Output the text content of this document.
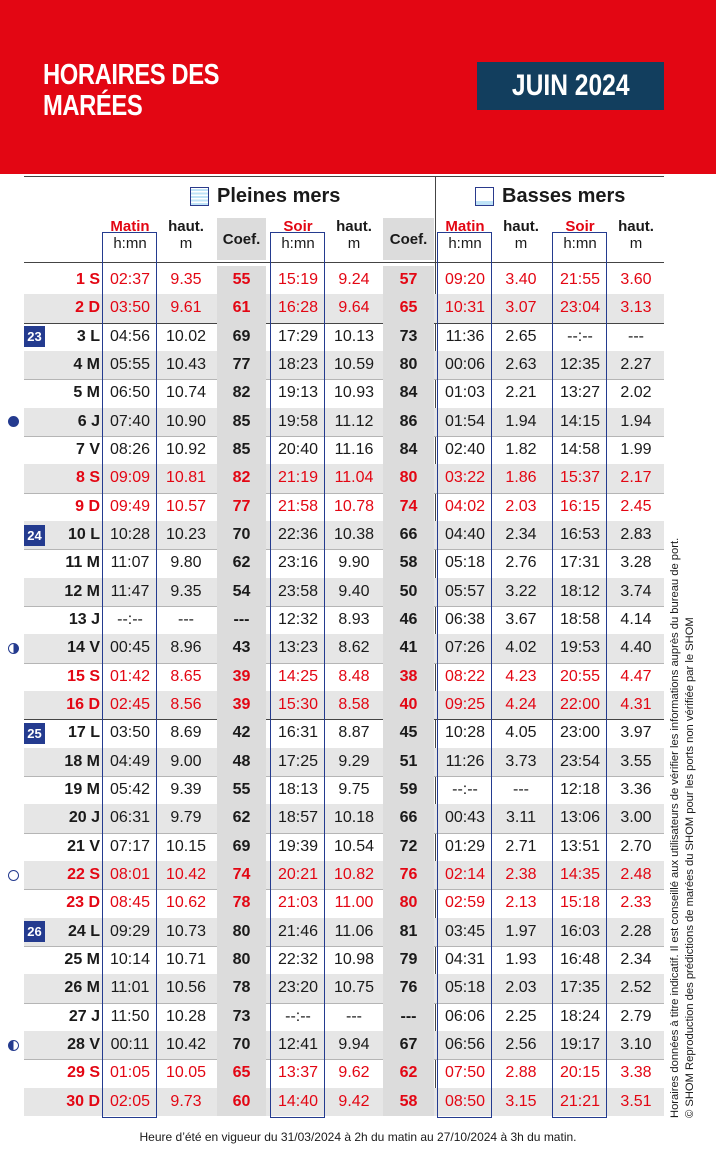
HORAIRES DES
MARÉES
JUIN 2024
Pleines mers	Basses mers
Matin
h:mn
haut.
m	Coef.
Soir
h:mn
haut.
m	Coef.
Matin
h:mn
haut.
m
Soir
h:mn
haut.
m
1 S 02:37	9.35	55	15:19	9.24	57	09:20	3.40	21:55	3.60
2 D 03:50	9.61	61	16:28	9.64	65	10:31	3.07	23:04	3.13
3 L 04:56 10.02	69	17:29 10.13	73	11:36	2.65	--:--	---
4 M 05:55 10.43	77	18:23 10.59	80	00:06	2.63	12:35	2.27
5 M 06:50 10.74	82	19:13 10.93	84	01:03	2.21	13:27	2.02
6 J 07:40 10.90	85	19:58	11.12	86	01:54	1.94	14:15	1.94
7 V 08:26 10.92	85	20:40	11.16	84	02:40	1.82	14:58	1.99
8 S 09:09 10.81	82	21:19	11.04	80	03:22	1.86	15:37	2.17
9 D 09:49 10.57	77	21:58 10.78	74	04:02	2.03	16:15	2.45
10 L 10:28 10.23	70	22:36 10.38	66	04:40	2.34	16:53	2.83
11 M 11:07	9.80	62	23:16	9.90	58	05:18	2.76	17:31	3.28
12 M 11:47	9.35	54	23:58	9.40	50	05:57	3.22	18:12	3.74
13 J	--:--	---	---	12:32	8.93	46	06:38	3.67	18:58	4.14
14 V 00:45	8.96	43	13:23	8.62	41	07:26	4.02	19:53	4.40
15 S 01:42	8.65	39	14:25	8.48	38	08:22	4.23	20:55	4.47
16 D 02:45	8.56	39	15:30	8.58	40	09:25	4.24	22:00	4.31
17 L 03:50	8.69	42	16:31	8.87	45	10:28	4.05	23:00	3.97
18 M 04:49	9.00	48	17:25	9.29	51	11:26	3.73	23:54	3.55
19 M 05:42	9.39	55	18:13	9.75	59	--:--	---	12:18	3.36
20 J 06:31	9.79	62	18:57 10.18	66	00:43	3.11	13:06	3.00
21 V 07:17 10.15	69	19:39 10.54	72	01:29	2.71	13:51	2.70
22 S 08:01 10.42	74	20:21 10.82	76	02:14	2.38	14:35	2.48
23 D 08:45 10.62	78	21:03	11.00	80	02:59	2.13	15:18	2.33
24 L 09:29 10.73	80	21:46	11.06	81	03:45	1.97	16:03	2.28
25 M 10:14 10.71	80	22:32 10.98	79	04:31	1.93	16:48	2.34
26 M 11:01	10.56	78	23:20 10.75	76	05:18	2.03	17:35	2.52
27 J 11:50	10.28	73	--:--	---	---	06:06	2.25	18:24	2.79
28 V 00:11	10.42	70	12:41	9.94	67	06:56	2.56	19:17	3.10
29 S 01:05 10.05	65	13:37	9.62	62	07:50	2.88	20:15	3.38
30 D 02:05	9.73	60	14:40	9.42	58	08:50	3.15	21:21	3.51	Horaires données à titre indicatif. Il est conseillé aux utilisateurs de vérifier les informations auprès du bureau de port. © SHOM Reproduction des prédictions de marées du SHOM pour les ports non vérifiée par le SHOM
Heure d’été en vigueur du 31/03/2024 à 2h du matin au 27/10/2024 à 3h du matin.
23
24
25
26
